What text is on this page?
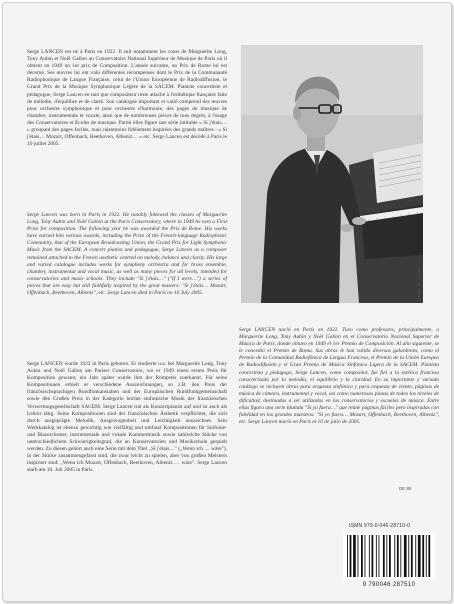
Serge LANCEN est né à Paris en 1922. Il suit notamment les cours de Marguerite Long, Tony Aubin et Noël Gallon au Conservatoire National Supérieur de Musique de Paris où il obtient en 1949 un 1er prix de Composition. L'année suivante, un Prix de Rome lui est décerné. Ses œuvres lui ont valu différentes récompenses dont le Prix de la Communauté Radiophonique de Langue Française, celui de l'Union Européenne de Radiodiffusion, le Grand Prix de la Musique Symphonique Légère de la SACEM. Pianiste concertiste et pédagogue, Serge Lancen en tant que compositeur reste attaché à l'esthétique française faite de mélodie, d'équilibre et de clarté. Son catalogue important et varié comprend des œuvres pour orchestre symphonique et pour orchestre d'harmonie, des pages de musique de chambre, instrumentale et vocale, ainsi que de nombreuses pièces de tous degrés, à l'usage des Conservatoires et Écoles de musique. Parmi elles figure une série intitulée « Si j'étais… » groupant des pages faciles, mais néanmoins fidèlement inspirées des grands maîtres : « Si j'étais… Mozart, Offenbach, Beethoven, Albeniz… » etc. Serge Lancen est décédé à Paris le 10 juillet 2005.
Serge Lancen was born in Paris in 1922. He notably followed the classes of Marguerite Long, Tony Aubin and Noël Gallon at the Paris Conservatory, where in 1949 he won a First Prize for composition. The following year he was awarded the Prix de Rome. His works have earned him various awards, including the Prize of the French-language Radiophonic Community, that of the European Broadcasting Union, the Grand Prix for Light Symphonic Music from the SACEM. A concert pianist and pedagogue, Serge Lancen as a composer remained attached to the French aesthetic centred on melody, balance and clarity. His large and varied catalogue includes works for symphony orchestra and for brass ensemble, chamber, instrumental and vocal music, as well as many pieces for all levels, intended for conservatories and music schools. They include "Si j'étais…" ("If I were…") a series of pieces that are easy but still faithfully inspired by the great masters: "Si j'étais… Mozart, Offenbach, Beethoven, Albeniz", etc. Serge Lancen died in Paris on 10 July 2005.
Serge LANCEN wurde 1922 in Paris geboren. Er studierte u.a. bei Marguerite Long, Tony Aubin und Noël Gallon am Pariser Conservatoire, wo er 1949 einen ersten Preis für Komposition gewann; ein Jahr später wurde ihm der Rompreis zuerkannt. Für seine Kompositionen erhielt er verschiedene Auszeichnungen, so z.B. den Preis der französischsprachigen Rundfunkanstalten und der Europäischen Rundfunkgemeinschaft sowie den Großen Preis in der Kategorie leichte sinfonische Musik der französischen Verwertungsgesellschaft SACEM. Serge Lancen trat als Konzertpianist auf und ist auch als Lehrer tätig. Seine Kompositionen sind der französischen Ästhetik verpflichtet, die sich durch ausgeprägte Melodik, Ausgewogenheit und Leichtigkeit auszeichnet. Sein Werkkatalog ist ebenso gewichtig wie vielfältig und umfasst Kompositionen für Sinfonie- und Blasorchester, instrumentale und vokale Kammermusik sowie zahlreiche Stücke von unterschiedlichem Schwierigkeitsgrad, die an Konservatorien und Musikschule gespielt werden. Zu diesen gehört auch eine Serie mit dem Titel „Si j'étais…" („Wenn ich … wäre"), in der Stücke zusammengefasst sind, die zwar leicht zu spielen, aber von großen Meistern inspiriert sind: „Wenn ich Mozart, Offenbach, Beethoven, Albeniz … wäre". Serge Lancen starb am 10. Juli 2005 in Paris.
Serge LANCEN nació en París en 1922. Tuvo como profesores, principalmente, a Marguerite Long, Tony Aubin y Noël Gallon en el Conservatorio Nacional Superior de Música de París, donde obtuvo en 1949 el 1er Premio de Composición. Al año siguiente, se le concedió el Premio de Roma. Sus obras le han valido diversos galardones, como el Premio de la Comunidad Radiofónica de Lengua Francesa, el Premio de la Unión Europea de Radiodifusión y el Gran Premio de Música Sinfónica Ligera de la SACEM. Pianista concertista y pedagogo, Serge Lancen, como compositor, fue fiel a la estética francesa caracterizada por la melodía, el equilibrio y la claridad. En su importante y variado catálogo se incluyen obras para orquesta sinfónica y para orquesta de viento, páginas de música de cámara, instrumental y vocal, así como numerosas piezas de todos los niveles de dificultad, destinadas a ser utilizadas en los conservatorios y escuelas de música. Entre ellas figura una serie titulada "Si yo fuera…" que reúne páginas fáciles pero inspiradas con fidelidad en los grandes maestros: "Si yo fuera… Mozart, Offenbach, Beethoven, Albeniz", etc. Serge Lancen murió en París el 10 de julio de 2005.
Photo: Jh. Lancen
DE 86
ISMN 979-0-046-28710-0
9 790046 287510
